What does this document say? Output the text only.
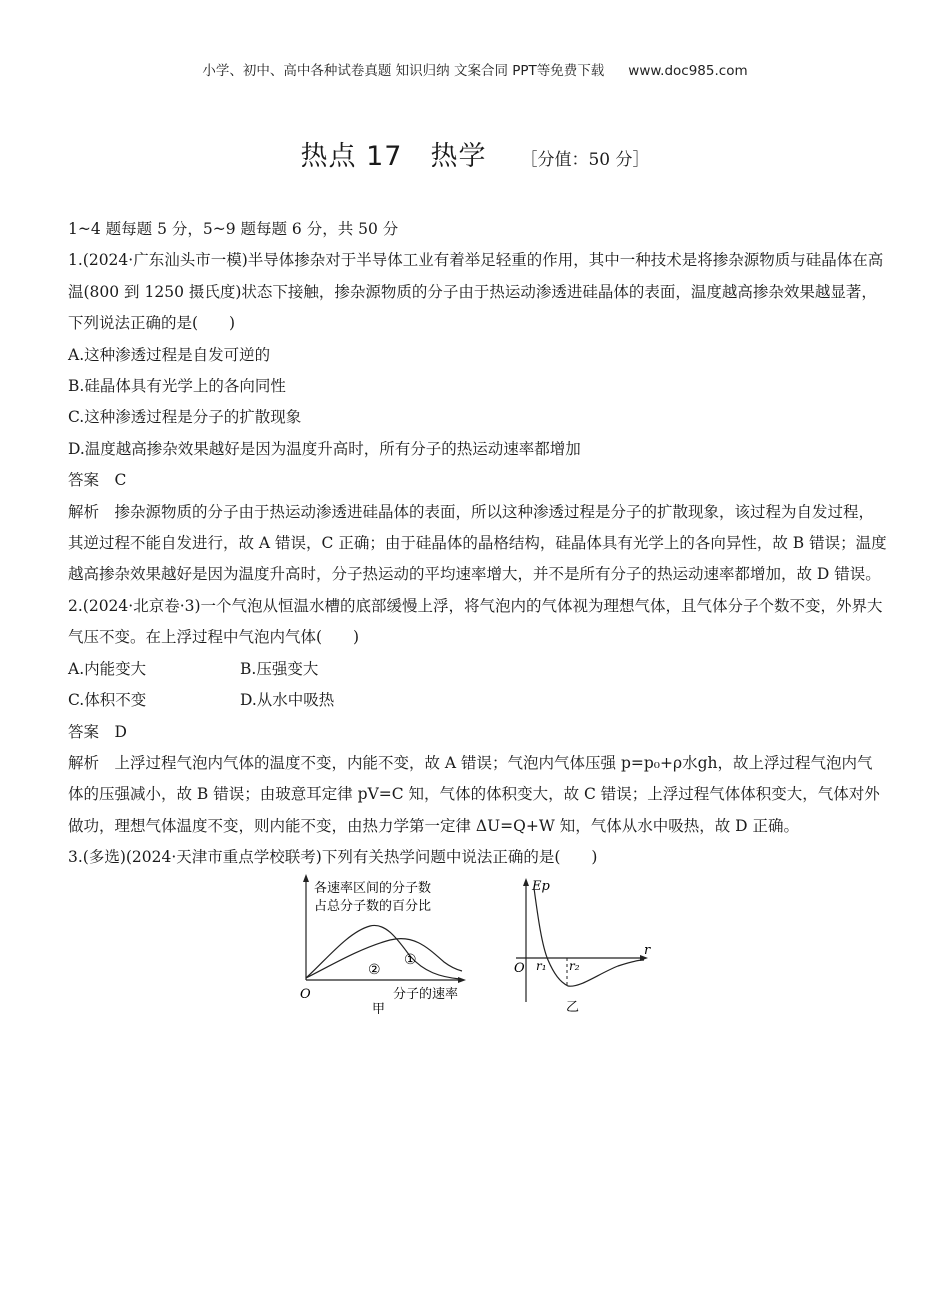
小学、初中、高中各种试卷真题 知识归纳 文案合同 PPT等免费下载 www.doc985.com
热点 17　热学 ［分值：50 分］

1~4 题每题 5 分，5~9 题每题 6 分，共 50 分

1.(2024·广东汕头市一模)半导体掺杂对于半导体工业有着举足轻重的作用，其中一种技术是将掺杂源物质与硅晶体在高温(800 到 1250 摄氏度)状态下接触，掺杂源物质的分子由于热运动渗透进硅晶体的表面，温度越高掺杂效果越显著，下列说法正确的是(　　)

A.这种渗透过程是自发可逆的

B.硅晶体具有光学上的各向同性

C.这种渗透过程是分子的扩散现象

D.温度越高掺杂效果越好是因为温度升高时，所有分子的热运动速率都增加

答案　C

解析　掺杂源物质的分子由于热运动渗透进硅晶体的表面，所以这种渗透过程是分子的扩散现象，该过程为自发过程，其逆过程不能自发进行，故 A 错误，C 正确；由于硅晶体的晶格结构，硅晶体具有光学上的各向异性，故 B 错误；温度越高掺杂效果越好是因为温度升高时，分子热运动的平均速率增大，并不是所有分子的热运动速率都增加，故 D 错误。

2.(2024·北京卷·3)一个气泡从恒温水槽的底部缓慢上浮，将气泡内的气体视为理想气体，且气体分子个数不变，外界大气压不变。在上浮过程中气泡内气体(　　)

A.内能变大	B.压强变大
C.体积不变	D.从水中吸热

答案　D

解析　上浮过程气泡内气体的温度不变，内能不变，故 A 错误；气泡内气体压强 p=p₀+ρ水gh，故上浮过程气泡内气体的压强减小，故 B 错误；由玻意耳定律 pV=C 知，气体的体积变大，故 C 错误；上浮过程气体体积变大，气体对外做功，理想气体温度不变，则内能不变，由热力学第一定律 ΔU=Q+W 知，气体从水中吸热，故 D 正确。

3.(多选)(2024·天津市重点学校联考)下列有关热学问题中说法正确的是(　　)

各速率区间的分子数
占总分子数的百分比
①
②
O	分子的速率
甲
Ep
r
O r₁ r₂
乙
